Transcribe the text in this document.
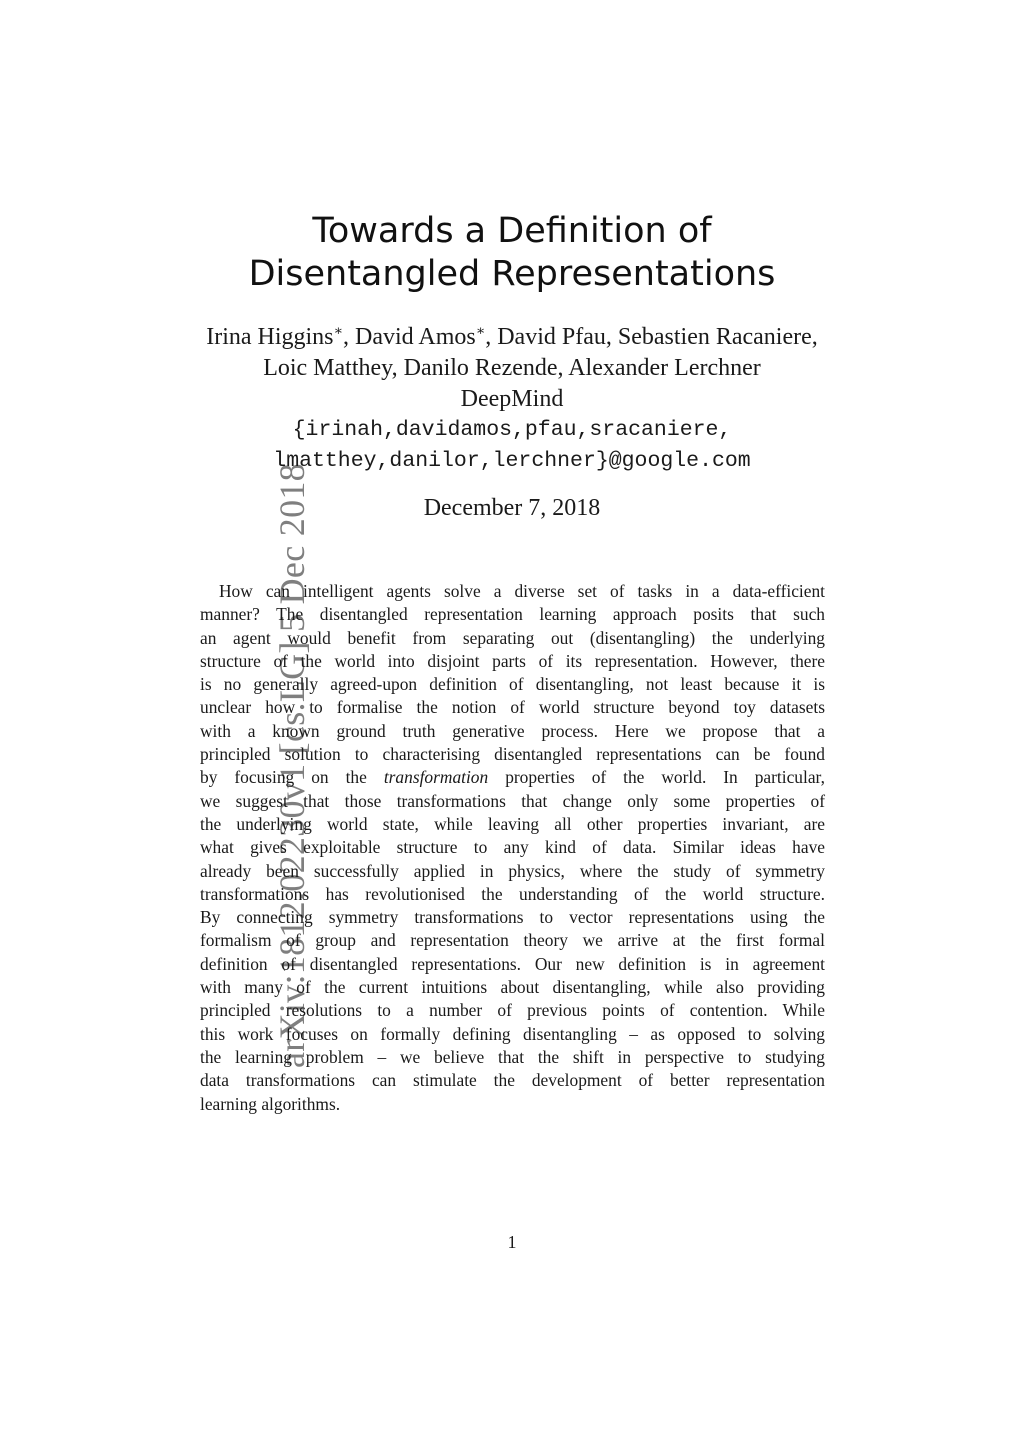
arXiv:1812.02230v1 [cs.LG] 5 Dec 2018
Towards a Definition of
Disentangled Representations
Irina Higgins∗, David Amos∗, David Pfau, Sebastien Racaniere,
Loic Matthey, Danilo Rezende, Alexander Lerchner
DeepMind
{irinah,davidamos,pfau,sracaniere,
lmatthey,danilor,lerchner}@google.com
December 7, 2018
How can intelligent agents solve a diverse set of tasks in a data-efficient
manner? The disentangled representation learning approach posits that such
an agent would benefit from separating out (disentangling) the underlying
structure of the world into disjoint parts of its representation. However, there
is no generally agreed-upon definition of disentangling, not least because it is
unclear how to formalise the notion of world structure beyond toy datasets
with a known ground truth generative process. Here we propose that a
principled solution to characterising disentangled representations can be found
by focusing on the transformation properties of the world. In particular,
we suggest that those transformations that change only some properties of
the underlying world state, while leaving all other properties invariant, are
what gives exploitable structure to any kind of data. Similar ideas have
already been successfully applied in physics, where the study of symmetry
transformations has revolutionised the understanding of the world structure.
By connecting symmetry transformations to vector representations using the
formalism of group and representation theory we arrive at the first formal
definition of disentangled representations. Our new definition is in agreement
with many of the current intuitions about disentangling, while also providing
principled resolutions to a number of previous points of contention. While
this work focuses on formally defining disentangling – as opposed to solving
the learning problem – we believe that the shift in perspective to studying
data transformations can stimulate the development of better representation
learning algorithms.
1
